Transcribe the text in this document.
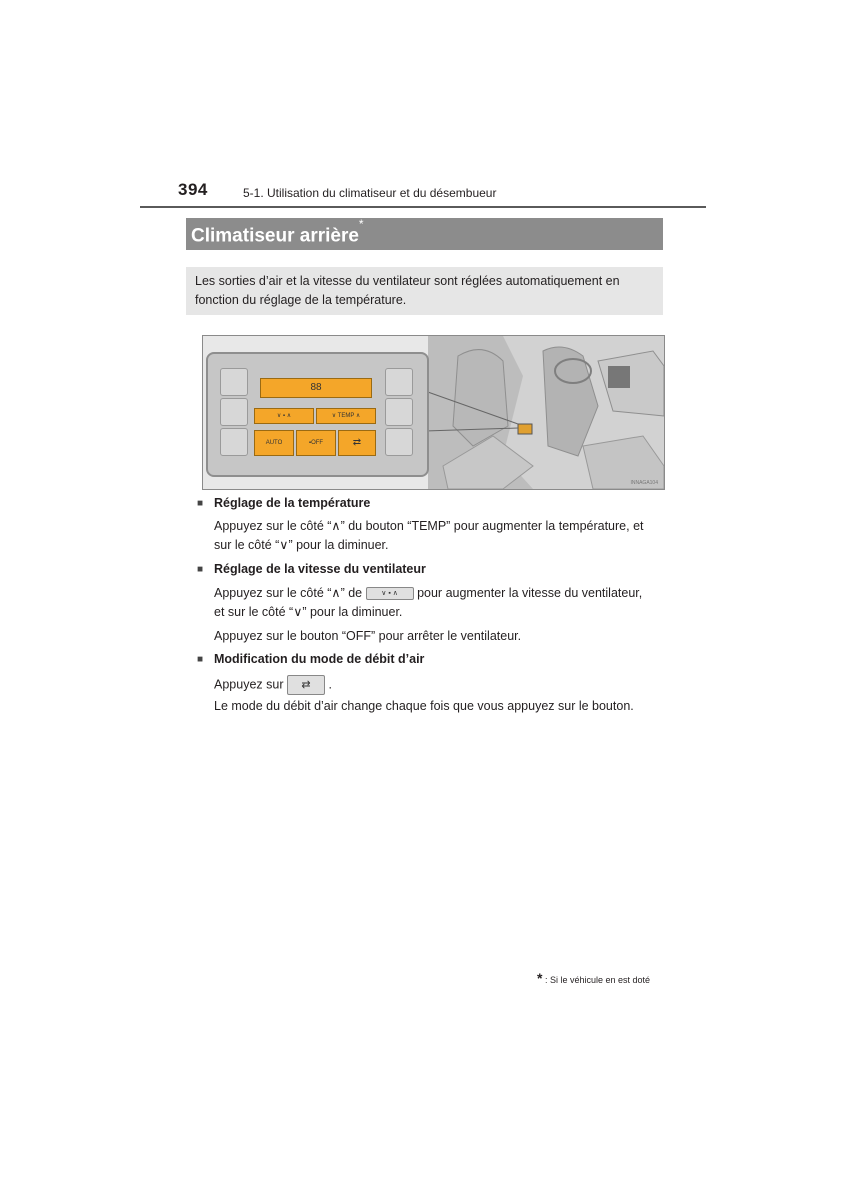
394	5-1. Utilisation du climatiseur et du désembueur
Climatiseur arrière*

Les sorties d’air et la vitesse du ventilateur sont réglées automatiquement en fonction du réglage de la température.

88
∨ ▪ ∧	∨ TEMP ∧
AUTO	▪OFF	⇄
INNAGA104
■ Réglage de la température
Appuyez sur le côté “∧” du bouton “TEMP” pour augmenter la température, et sur le côté “∨” pour la diminuer.
■ Réglage de la vitesse du ventilateur
Appuyez sur le côté “∧” de	∨ ▪ ∧ pour augmenter la vitesse du ventilateur,
et sur le côté “∨” pour la diminuer.
Appuyez sur le bouton “OFF” pour arrêter le ventilateur.
■ Modification du mode de débit d’air
Appuyez sur ⇄ .
Le mode du débit d’air change chaque fois que vous appuyez sur le bouton.
* : Si le véhicule en est doté
